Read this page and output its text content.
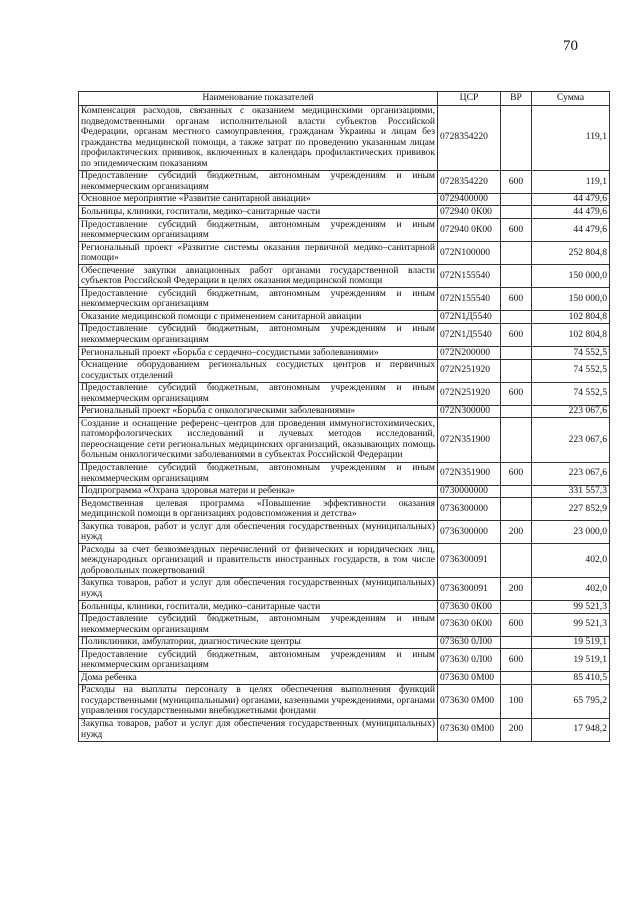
70
Наименование показателей	ЦСР	ВР	Сумма
Компенсация расходов, связанных с оказанием медицинскими организациями, подведомственными органам исполнительной власти субъектов Российской Федерации, органам местного самоуправления, гражданам Украины и лицам без гражданства медицинской помощи, а также затрат по проведению указанным лицам профилактических прививок, включенных в календарь профилактических прививок по эпидемическим показаниям	0728354220		119,1
Предоставление субсидий бюджетным, автономным учреждениям и иным некоммерческим организациям	0728354220	600	119,1
Основное мероприятие «Развитие санитарной авиации»	0729400000		44 479,6
Больницы, клиники, госпитали, медико–санитарные части	072940 0К00		44 479,6
Предоставление субсидий бюджетным, автономным учреждениям и иным некоммерческим организациям	072940 0К00	600	44 479,6
Региональный проект «Развитие системы оказания первичной медико–санитарной помощи»	072N100000		252 804,8
Обеспечение закупки авиационных работ органами государственной власти субъектов Российской Федерации в целях оказания медицинской помощи	072N155540		150 000,0
Предоставление субсидий бюджетным, автономным учреждениям и иным некоммерческим организациям	072N155540	600	150 000,0
Оказание медицинской помощи с применением санитарной авиации	072N1Д5540		102 804,8
Предоставление субсидий бюджетным, автономным учреждениям и иным некоммерческим организациям	072N1Д5540	600	102 804,8
Региональный проект «Борьба с сердечно–сосудистыми заболеваниями»	072N200000		74 552,5
Оснащение оборудованием региональных сосудистых центров и первичных сосудистых отделений	072N251920		74 552,5
Предоставление субсидий бюджетным, автономным учреждениям и иным некоммерческим организациям	072N251920	600	74 552,5
Региональный проект «Борьба с онкологическими заболеваниями»	072N300000		223 067,6
Создание и оснащение референс–центров для проведения иммуногистохимических, патоморфологических исследований и лучевых методов исследований, переоснащение сети региональных медицинских организаций, оказывающих помощь больным онкологическими заболеваниями в субъектах Российской Федерации	072N351900		223 067,6
Предоставление субсидий бюджетным, автономным учреждениям и иным некоммерческим организациям	072N351900	600	223 067,6
Подпрограмма «Охрана здоровья матери и ребенка»	0730000000		331 557,3
Ведомственная целевая программа «Повышение эффективности оказания медицинской помощи в организациях родовспоможения и детства»	0736300000		227 852,9
Закупка товаров, работ и услуг для обеспечения государственных (муниципальных) нужд	0736300000	200	23 000,0
Расходы за счет безвозмездных перечислений от физических и юридических лиц, международных организаций и правительств иностранных государств, в том числе добровольных пожертвований	0736300091		402,0
Закупка товаров, работ и услуг для обеспечения государственных (муниципальных) нужд	0736300091	200	402,0
Больницы, клиники, госпитали, медико–санитарные части	073630 0К00		99 521,3
Предоставление субсидий бюджетным, автономным учреждениям и иным некоммерческим организациям	073630 0К00	600	99 521,3
Поликлиники, амбулатории, диагностические центры	073630 0Л00		19 519,1
Предоставление субсидий бюджетным, автономным учреждениям и иным некоммерческим организациям	073630 0Л00	600	19 519,1
Дома ребенка	073630 0М00		85 410,5
Расходы на выплаты персоналу в целях обеспечения выполнения функций государственными (муниципальными) органами, казенными учреждениями, органами управления государственными внебюджетными фондами	073630 0М00	100	65 795,2
Закупка товаров, работ и услуг для обеспечения государственных (муниципальных) нужд	073630 0М00	200	17 948,2
